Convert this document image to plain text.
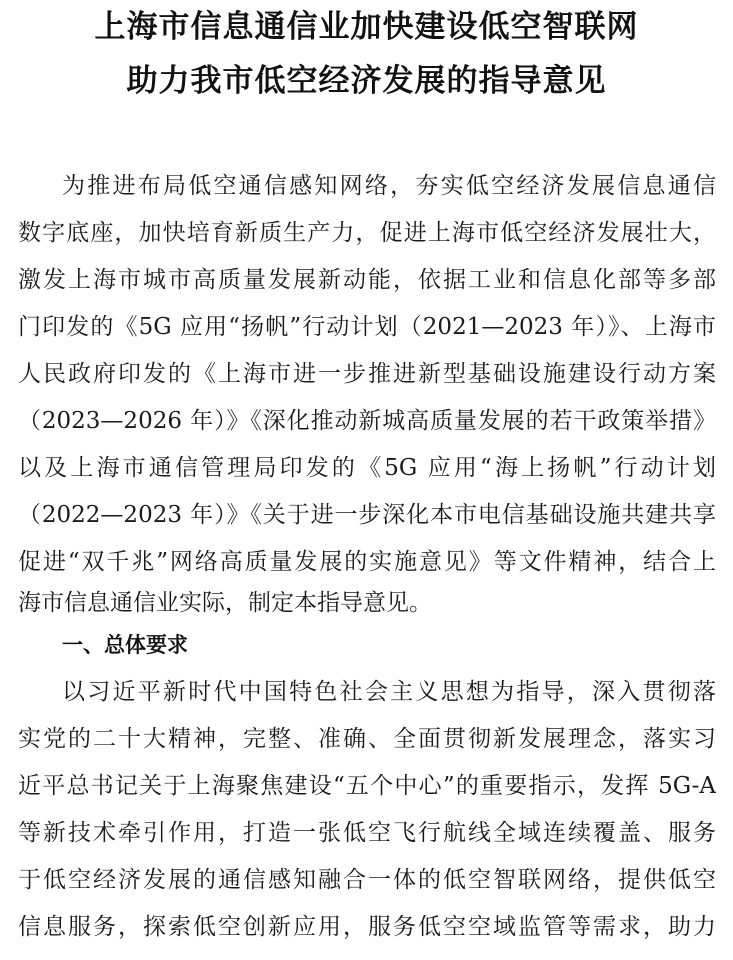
上海市信息通信业加快建设低空智联网
助力我市低空经济发展的指导意见
为推进布局低空通信感知网络，夯实低空经济发展信息通信
数字底座，加快培育新质生产力，促进上海市低空经济发展壮大，
激发上海市城市高质量发展新动能，依据工业和信息化部等多部
门印发的《5G 应用“扬帆”行动计划（2021—2023 年）》、上海市
人民政府印发的《上海市进一步推进新型基础设施建设行动方案
（2023—2026 年）》《深化推动新城高质量发展的若干政策举措》
以及上海市通信管理局印发的《5G 应用“海上扬帆”行动计划
（2022—2023 年）》《关于进一步深化本市电信基础设施共建共享
促进“双千兆”网络高质量发展的实施意见》等文件精神，结合上
海市信息通信业实际，制定本指导意见。
一、总体要求
以习近平新时代中国特色社会主义思想为指导，深入贯彻落
实党的二十大精神，完整、准确、全面贯彻新发展理念，落实习
近平总书记关于上海聚焦建设“五个中心”的重要指示，发挥 5G-A
等新技术牵引作用，打造一张低空飞行航线全域连续覆盖、服务
于低空经济发展的通信感知融合一体的低空智联网络，提供低空
信息服务，探索低空创新应用，服务低空空域监管等需求，助力
